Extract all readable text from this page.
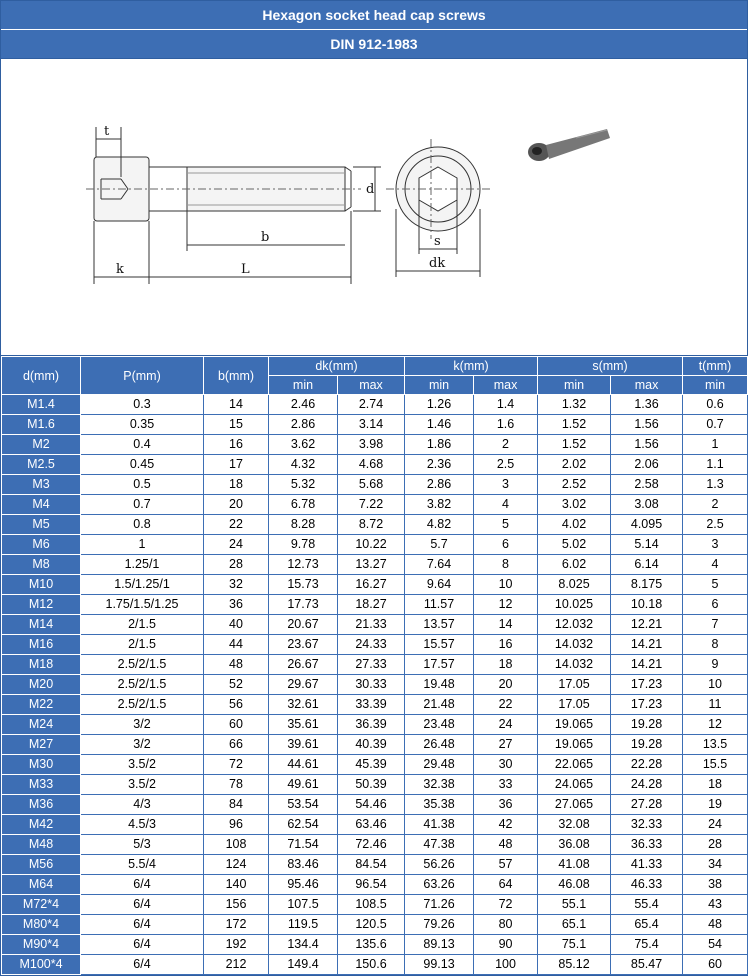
Hexagon socket head cap screws
DIN 912-1983
t
k	L
b
d
s
dk
d(mm)	P(mm)	b(mm)	dk(mm)		k(mm)		s(mm)		t(mm)
			min	max	min	max	min	max	min
M1.4	0.3	14	2.46	2.74	1.26	1.4	1.32	1.36	0.6
M1.6	0.35	15	2.86	3.14	1.46	1.6	1.52	1.56	0.7
M2	0.4	16	3.62	3.98	1.86	2	1.52	1.56	1
M2.5	0.45	17	4.32	4.68	2.36	2.5	2.02	2.06	1.1
M3	0.5	18	5.32	5.68	2.86	3	2.52	2.58	1.3
M4	0.7	20	6.78	7.22	3.82	4	3.02	3.08	2
M5	0.8	22	8.28	8.72	4.82	5	4.02	4.095	2.5
M6	1	24	9.78	10.22	5.7	6	5.02	5.14	3
M8	1.25/1	28	12.73	13.27	7.64	8	6.02	6.14	4
M10	1.5/1.25/1	32	15.73	16.27	9.64	10	8.025	8.175	5
M12	1.75/1.5/1.25	36	17.73	18.27	11.57	12	10.025	10.18	6
M14	2/1.5	40	20.67	21.33	13.57	14	12.032	12.21	7
M16	2/1.5	44	23.67	24.33	15.57	16	14.032	14.21	8
M18	2.5/2/1.5	48	26.67	27.33	17.57	18	14.032	14.21	9
M20	2.5/2/1.5	52	29.67	30.33	19.48	20	17.05	17.23	10
M22	2.5/2/1.5	56	32.61	33.39	21.48	22	17.05	17.23	11
M24	3/2	60	35.61	36.39	23.48	24	19.065	19.28	12
M27	3/2	66	39.61	40.39	26.48	27	19.065	19.28	13.5
M30	3.5/2	72	44.61	45.39	29.48	30	22.065	22.28	15.5
M33	3.5/2	78	49.61	50.39	32.38	33	24.065	24.28	18
M36	4/3	84	53.54	54.46	35.38	36	27.065	27.28	19
M42	4.5/3	96	62.54	63.46	41.38	42	32.08	32.33	24
M48	5/3	108	71.54	72.46	47.38	48	36.08	36.33	28
M56	5.5/4	124	83.46	84.54	56.26	57	41.08	41.33	34
M64	6/4	140	95.46	96.54	63.26	64	46.08	46.33	38
M72*4	6/4	156	107.5	108.5	71.26	72	55.1	55.4	43
M80*4	6/4	172	119.5	120.5	79.26	80	65.1	65.4	48
M90*4	6/4	192	134.4	135.6	89.13	90	75.1	75.4	54
M100*4	6/4	212	149.4	150.6	99.13	100	85.12	85.47	60
